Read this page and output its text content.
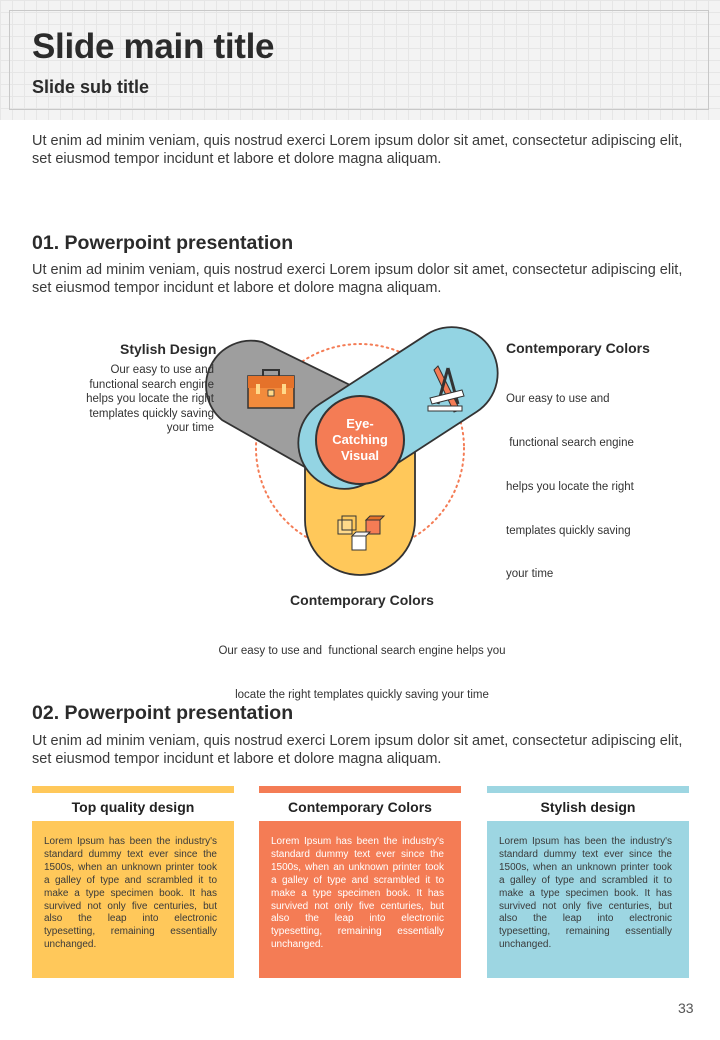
Slide main title
Slide sub title
Ut enim ad minim veniam, quis nostrud exerci Lorem ipsum dolor sit amet, consectetur adipiscing elit, set eiusmod tempor incidunt et labore et dolore magna aliquam.
01. Powerpoint presentation
Ut enim ad minim veniam, quis nostrud exerci Lorem ipsum dolor sit amet, consectetur adipiscing elit, set eiusmod tempor incidunt et labore et dolore magna aliquam.
Eye-
Catching
Visual
Stylish Design
Our easy to use and
functional search engine
helps you locate the right
templates quickly saving
your time
Contemporary Colors

Our easy to use and

functional search engine

helps you locate the right

templates quickly saving

your time

Contemporary Colors

Our easy to use and  functional search engine helps you

locate the right templates quickly saving your time

02. Powerpoint presentation
Ut enim ad minim veniam, quis nostrud exerci Lorem ipsum dolor sit amet, consectetur adipiscing elit, set eiusmod tempor incidunt et labore et dolore magna aliquam.
Top quality design
Lorem Ipsum has been the industry's standard dummy text ever since the 1500s, when an unknown printer took a galley of type and scrambled it to make a type specimen book. It has survived not only five centuries, but also the leap into electronic typesetting, remaining essentially unchanged.
Contemporary Colors
Lorem Ipsum has been the industry's standard dummy text ever since the 1500s, when an unknown printer took a galley of type and scrambled it to make a type specimen book. It has survived not only five centuries, but also the leap into electronic typesetting, remaining essentially unchanged.
Stylish design
Lorem Ipsum has been the industry's standard dummy text ever since the 1500s, when an unknown printer took a galley of type and scrambled it to make a type specimen book. It has survived not only five centuries, but also the leap into electronic typesetting, remaining essentially unchanged.
33
